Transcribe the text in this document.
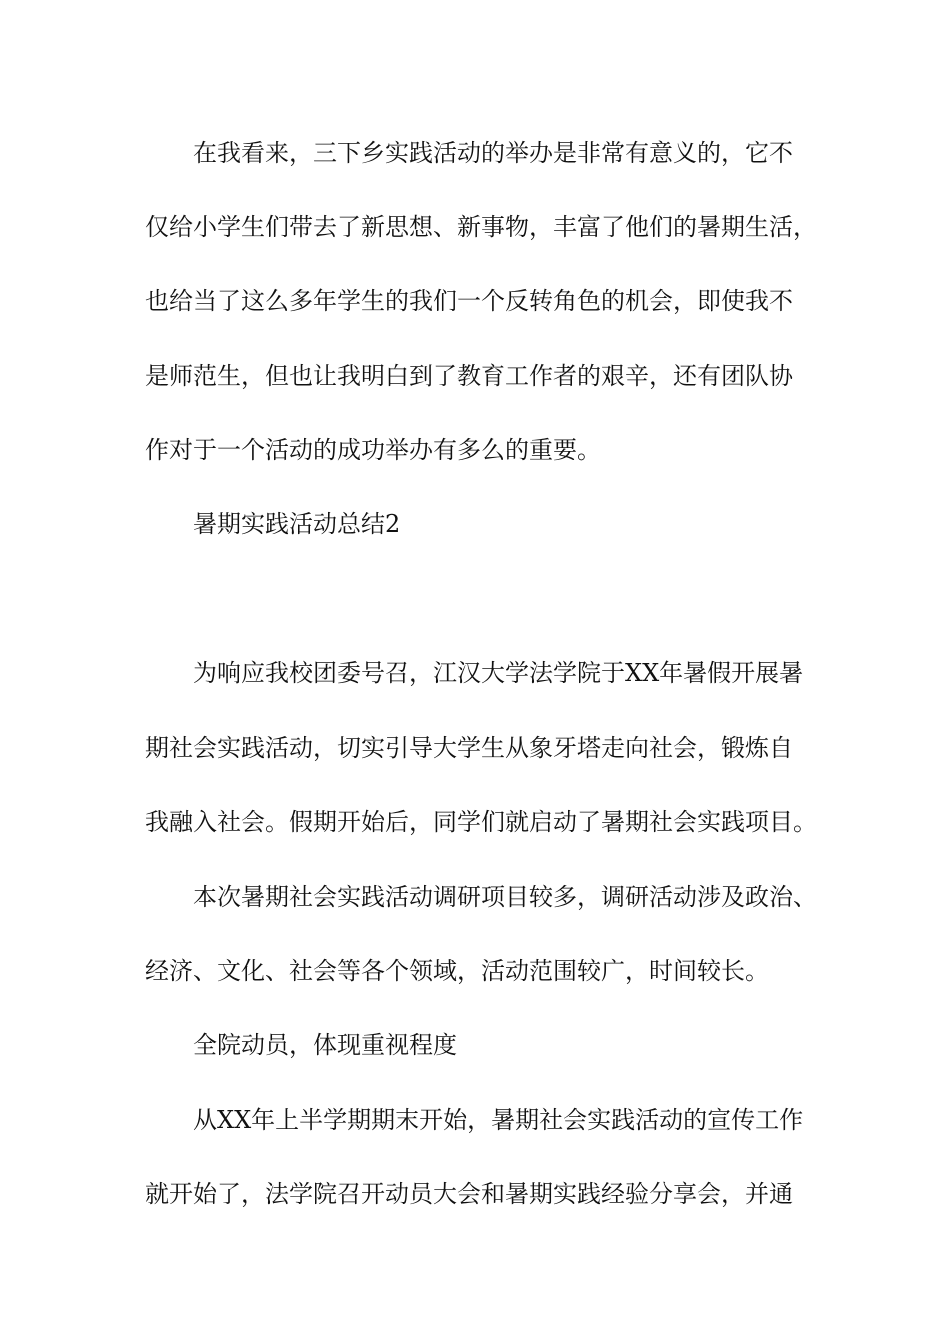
在我看来，三下乡实践活动的举办是非常有意义的，它不
仅给小学生们带去了新思想、新事物，丰富了他们的暑期生活，
也给当了这么多年学生的我们一个反转角色的机会，即使我不
是师范生，但也让我明白到了教育工作者的艰辛，还有团队协
作对于一个活动的成功举办有多么的重要。
暑期实践活动总结2
为响应我校团委号召，江汉大学法学院于XX年暑假开展暑
期社会实践活动，切实引导大学生从象牙塔走向社会，锻炼自
我融入社会。假期开始后，同学们就启动了暑期社会实践项目。
本次暑期社会实践活动调研项目较多，调研活动涉及政治、
经济、文化、社会等各个领域，活动范围较广，时间较长。
全院动员，体现重视程度
从XX年上半学期期末开始，暑期社会实践活动的宣传工作
就开始了，法学院召开动员大会和暑期实践经验分享会，并通
